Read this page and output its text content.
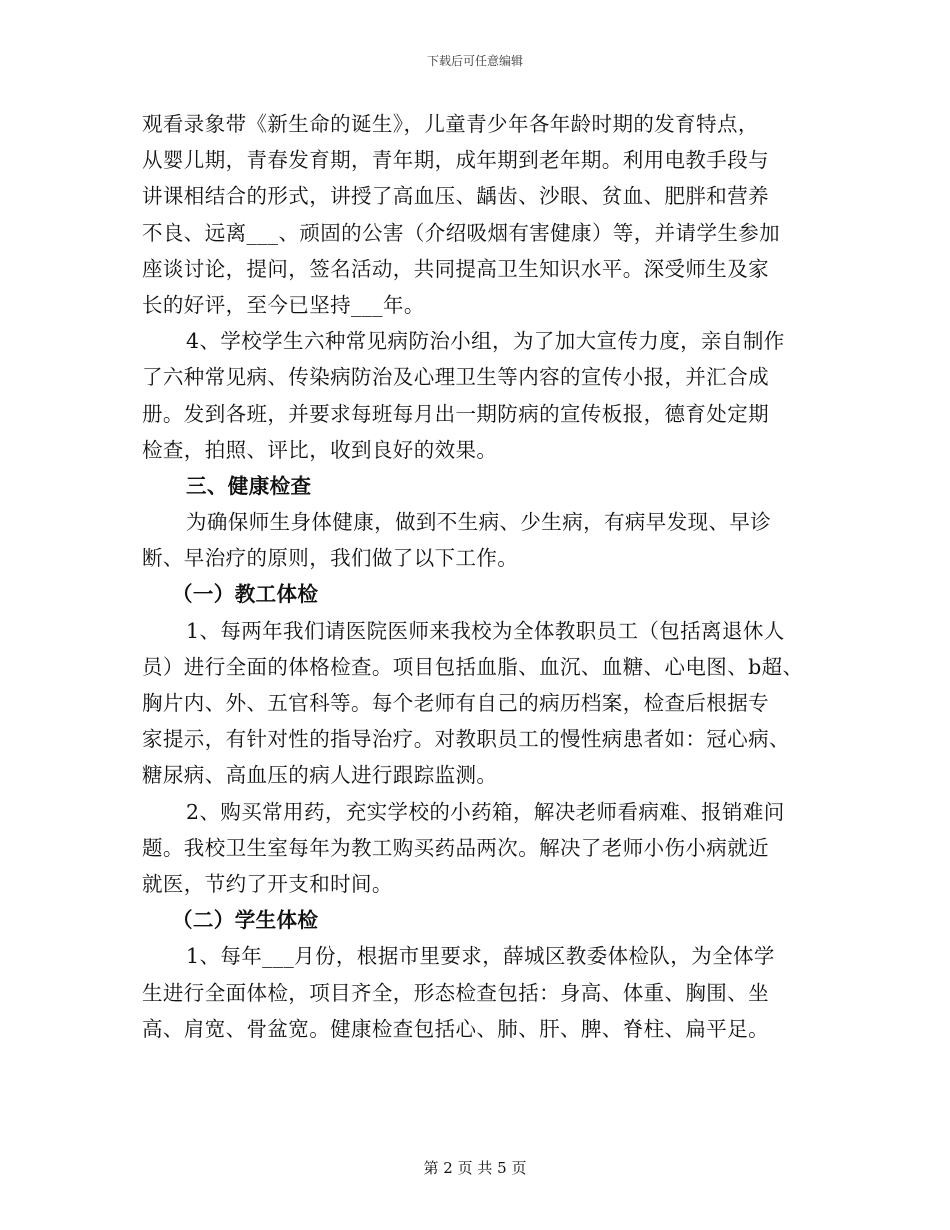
下载后可任意编辑
观看录象带《新生命的诞生》，儿童青少年各年龄时期的发育特点，
从婴儿期，青春发育期，青年期，成年期到老年期。利用电教手段与
讲课相结合的形式，讲授了高血压、龋齿、沙眼、贫血、肥胖和营养
不良、远离___、顽固的公害（介绍吸烟有害健康）等，并请学生参加
座谈讨论，提问，签名活动，共同提高卫生知识水平。深受师生及家
长的好评，至今已坚持___年。
4、学校学生六种常见病防治小组，为了加大宣传力度，亲自制作
了六种常见病、传染病防治及心理卫生等内容的宣传小报，并汇合成
册。发到各班，并要求每班每月出一期防病的宣传板报，德育处定期
检查，拍照、评比，收到良好的效果。
三、健康检查
为确保师生身体健康，做到不生病、少生病，有病早发现、早诊
断、早治疗的原则，我们做了以下工作。
（一）教工体检
1、每两年我们请医院医师来我校为全体教职员工（包括离退休人
员）进行全面的体格检查。项目包括血脂、血沉、血糖、心电图、b超、
胸片内、外、五官科等。每个老师有自己的病历档案，检查后根据专
家提示，有针对性的指导治疗。对教职员工的慢性病患者如：冠心病、
糖尿病、高血压的病人进行跟踪监测。
2、购买常用药，充实学校的小药箱，解决老师看病难、报销难问
题。我校卫生室每年为教工购买药品两次。解决了老师小伤小病就近
就医，节约了开支和时间。
（二）学生体检
1、每年___月份，根据市里要求，薛城区教委体检队，为全体学
生进行全面体检，项目齐全，形态检查包括：身高、体重、胸围、坐
高、肩宽、骨盆宽。健康检查包括心、肺、肝、脾、脊柱、扁平足。
第 2 页 共 5 页
